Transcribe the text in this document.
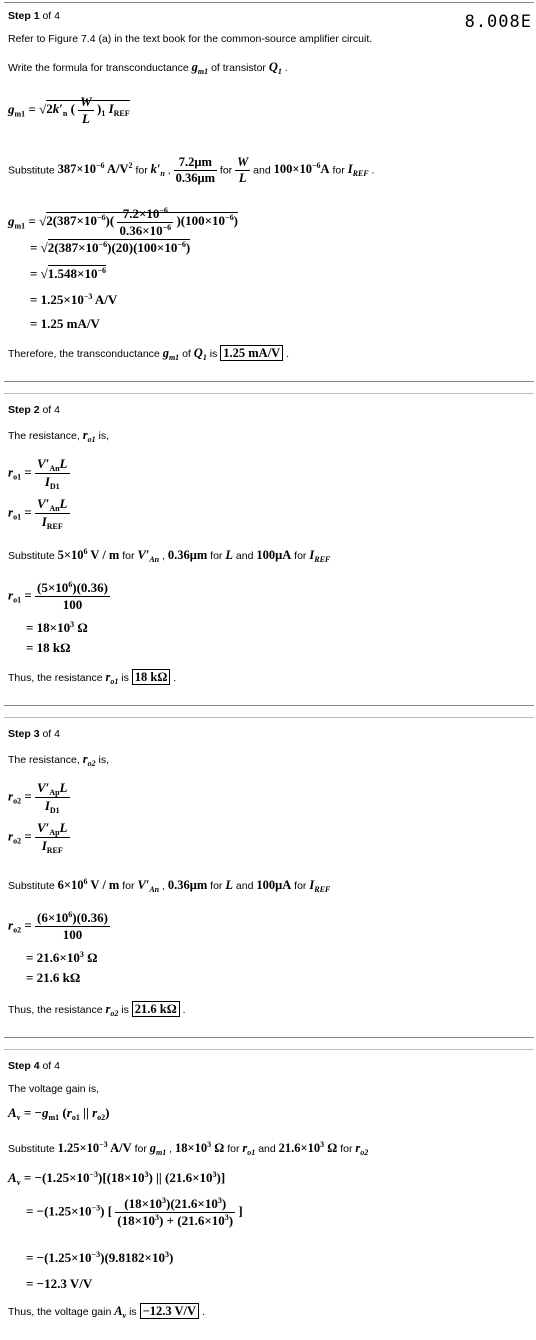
Step 1 of 4	8.008E
Refer to Figure 7.4 (a) in the text book for the common-source amplifier circuit.
Write the formula for transconductance $g_{m1}$ of transistor $Q_1$ .
$g_{m1} = √2k'_n$ ( $\frac{W}{L} )_1$ $I_{REF}$
Substitute $387\times 10^{-6}$ $A/V^2$ for $k'_n$ , $\frac{7.2\mu m}{0.36\mu m}$ for $\frac{W}{L}$ and $100\times 10^{-6}A$ for $I_{REF}$ .
$g_{m1} = √2(387\times 10^{-6})( \frac{7.2\times 10^{-6}}{0.36\times 10^{-6}} )(100\times 10^{-6})$
= $√2(387\times 10^{-6})(20)(100\times 10^{-6})$
= $√1.548\times 10^{-6}$
= $1.25\times 10^{-3}$ A/V
= 1.25 mA/V
Therefore, the transconductance $g_{m1}$ of $Q_1$ is 1.25 mA/V .
Step 2 of 4
The resistance, $r_{o1}$ is,
$r_{o1} = \frac{V'_{An}L}{I_{D1}}$
$r_{o1} = \frac{V'_{An}L}{I_{REF}}$
Substitute $5\times 10^6$ V / m for $V'_{An}$ , 0.36μm for L and 100μA for $I_{REF}$
$r_{o1} = \frac{(5\times 10^6)(0.36)}{100}$
= $18\times 10^3$ Ω
= 18 kΩ
Thus, the resistance $r_{o1}$ is 18 kΩ .
Step 3 of 4
The resistance, $r_{o2}$ is,
$r_{o2} = \frac{V'_{Ap}L}{I_{D1}}$
$r_{o2} = \frac{V'_{Ap}L}{I_{REF}}$
Substitute $6\times 10^6$ V / m for $V'_{An}$ , 0.36μm for L and 100μA for $I_{REF}$
$r_{o2} = \frac{(6\times 10^6)(0.36)}{100}$
= $21.6\times 10^3$ Ω
= 21.6 kΩ
Thus, the resistance $r_{o2}$ is 21.6 kΩ .
Step 4 of 4
The voltage gain is,
$A_v = -g_{m1}$ ($r_{o1}$ || $r_{o2}$)
Substitute $1.25\times 10^{-3}$ A/V for $g_{m1}$ , $18\times 10^3$ Ω for $r_{o1}$ and $21.6\times 10^3$ Ω for $r_{o2}$
$A_v = -(1.25\times 10^{-3})[(18\times 10^3)$ || $(21.6\times 10^3)$]
= $-(1.25\times 10^{-3})$ [ $\frac{(18\times 10^3)(21.6\times 10^3)}{(18\times 10^3) + (21.6\times 10^3)}$ ]
= $-(1.25\times 10^{-3})(9.8182\times 10^3)$
= −12.3 V/V
Thus, the voltage gain $A_v$ is −12.3 V/V .
